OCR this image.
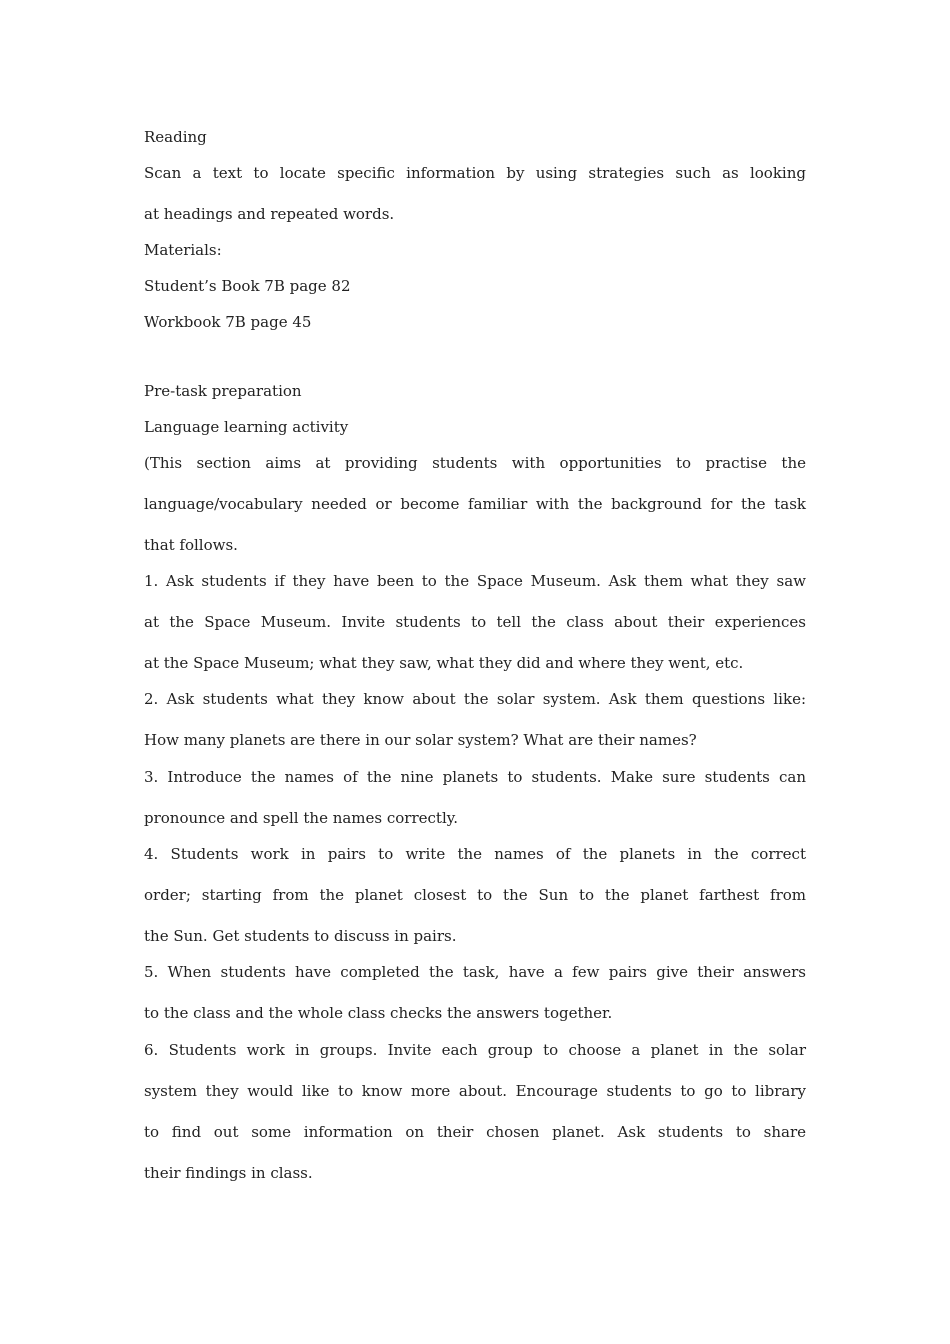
Reading
Scan a text to locate specific information by using strategies such as looking
at headings and repeated words.
Materials:
Student’s Book 7B page 82
Workbook 7B page 45
Pre-task preparation
Language learning activity
(This section aims at providing students with opportunities to practise the
language/vocabulary needed or become familiar with the background for the task
that follows.
1. Ask students if they have been to the Space Museum. Ask them what they saw
at the Space Museum. Invite students to tell the class about their experiences
at the Space Museum; what they saw, what they did and where they went, etc.
2. Ask students what they know about the solar system. Ask them questions like:
How many planets are there in our solar system? What are their names?
3. Introduce the names of the nine planets to students. Make sure students can
pronounce and spell the names correctly.
4. Students work in pairs to write the names of the planets in the correct
order; starting from the planet closest to the Sun to the planet farthest from
the Sun. Get students to discuss in pairs.
5. When students have completed the task, have a few pairs give their answers
to the class and the whole class checks the answers together.
6. Students work in groups. Invite each group to choose a planet in the solar
system they would like to know more about. Encourage students to go to library
to find out some information on their chosen planet. Ask students to share
their findings in class.
